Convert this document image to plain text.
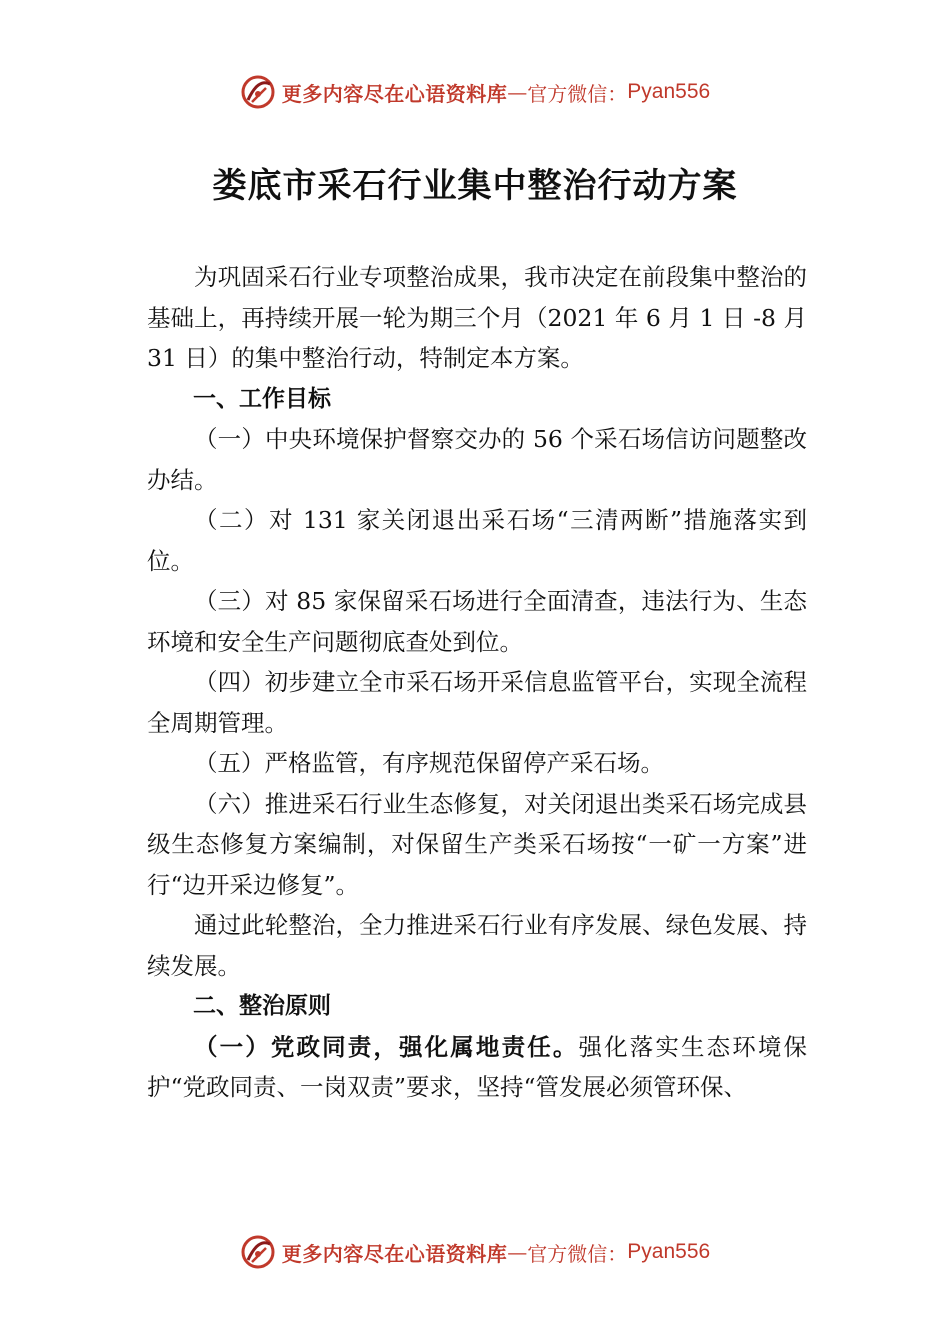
更多内容尽在心语资料库 — 官方微信： Pyan556
娄底市采石行业集中整治行动方案

为巩固采石行业专项整治成果，我市决定在前段集中整治的基础上，再持续开展一轮为期三个月（2021 年 6 月 1 日 -8 月 31 日）的集中整治行动，特制定本方案。

一、工作目标

（一）中央环境保护督察交办的 56 个采石场信访问题整改办结。

（二）对 131 家关闭退出采石场“三清两断”措施落实到位。

（三）对 85 家保留采石场进行全面清查，违法行为、生态环境和安全生产问题彻底查处到位。

（四）初步建立全市采石场开采信息监管平台，实现全流程全周期管理。

（五）严格监管，有序规范保留停产采石场。

（六）推进采石行业生态修复，对关闭退出类采石场完成县级生态修复方案编制，对保留生产类采石场按“一矿一方案”进行“边开采边修复”。

通过此轮整治，全力推进采石行业有序发展、绿色发展、持续发展。

二、整治原则

（一）党政同责，强化属地责任。强化落实生态环境保护“党政同责、一岗双责”要求，坚持“管发展必须管环保、

更多内容尽在心语资料库 — 官方微信： Pyan556
